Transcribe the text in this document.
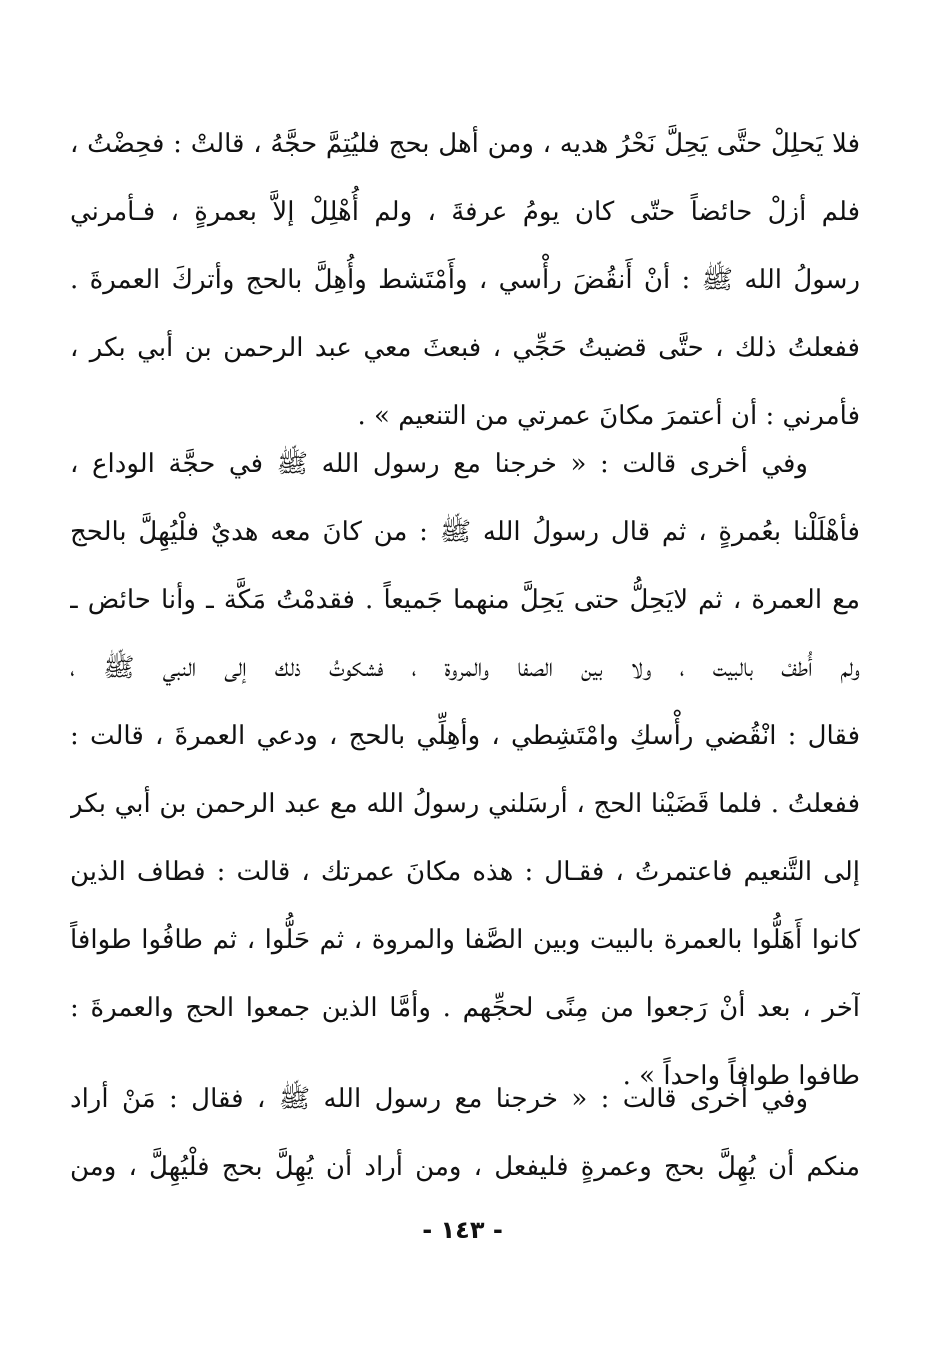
فلا يَحلِلْ حتَّى يَحِلَّ نَحْرُ هديه ، ومن أهل بحج فليُتِمَّ حجَّهُ ، قالتْ : فحِضْتُ ،
فلم أزلْ حائضاً حتّى كان يومُ عرفةَ ، ولم أُهْلِلْ إلاَّ بعمرةٍ ، فـأمرني
رسولُ الله ﷺ : أنْ أَنقُضَ رأْسي ، وأَمْتَشط وأُهِلَّ بالحج وأتركَ العمرةَ .
ففعلتُ ذلك ، حتَّى قضيتُ حَجِّي ، فبعثَ معي عبد الرحمن بن أبي بكر ،
فأمرني : أن أعتمرَ مكانَ عمرتي من التنعيم » .
وفي أخرى قالت : « خرجنا مع رسول الله ﷺ في حجَّة الوداع ،
فأهْلَلْنا بعُمرةٍ ، ثم قال رسولُ الله ﷺ : من كانَ معه هديٌ فلْيُهِلَّ بالحج
مع العمرة ، ثم لايَحِلُّ حتى يَحِلَّ منهما جَميعاً . فقدمْتُ مَكَّة ـ وأنا حائض ـ
ولم أُطفْ بالبيت ، ولا بين الصفا والمروة ، فشكوتُ ذلك إلى النبي ﷺ ،
فقال : انْقُضي رأْسكِ وامْتَشِطي ، وأهِلِّي بالحج ، ودعي العمرةَ ، قالت :
ففعلتُ . فلما قَضَيْنا الحج ، أرسَلني رسولُ الله مع عبد الرحمن بن أبي بكر
إلى التَّنعيم فاعتمرتُ ، فقـال : هذه مكانَ عمرتك ، قالت : فطاف الذين
كانوا أَهَلُّوا بالعمرة بالبيت وبين الصَّفا والمروة ، ثم حَلُّوا ، ثم طافُوا طوافاً
آخر ، بعد أنْ رَجعوا من مِنًى لحجِّهم . وأمَّا الذين جمعوا الحج والعمرةَ :
طافوا طوافاً واحداً » .
وفي أخرى قالت : « خرجنا مع رسول الله ﷺ ، فقال : مَنْ أراد
منكم أن يُهِلَّ بحج وعمرةٍ فليفعل ، ومن أراد أن يُهِلَّ بحج فلْيُهِلَّ ، ومن
- ١٤٣ -
